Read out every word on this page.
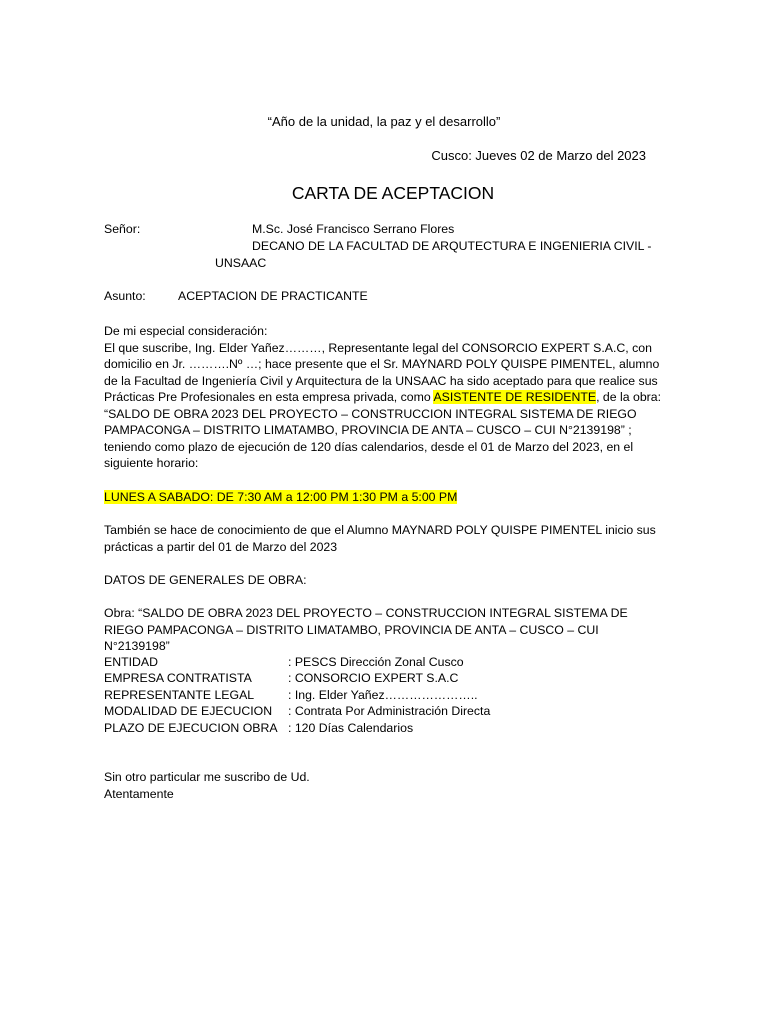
“Año de la unidad, la paz y el desarrollo”
Cusco: Jueves 02 de Marzo del 2023
CARTA DE ACEPTACION
Señor:	M.Sc. José Francisco Serrano Flores
DECANO DE LA FACULTAD DE ARQUTECTURA E INGENIERIA CIVIL -
UNSAAC
Asunto:	ACEPTACION DE PRACTICANTE

De mi especial consideración:

El que suscribe, Ing. Elder Yañez………, Representante legal del CONSORCIO EXPERT S.A.C, con domicilio en Jr. ……….Nº …; hace presente que el Sr. MAYNARD POLY QUISPE PIMENTEL, alumno de la Facultad de Ingeniería Civil y Arquitectura de la UNSAAC ha sido aceptado para que realice sus Prácticas Pre Profesionales en esta empresa privada, como ASISTENTE DE RESIDENTE, de la obra: “SALDO DE OBRA 2023 DEL PROYECTO – CONSTRUCCION INTEGRAL SISTEMA DE RIEGO PAMPACONGA – DISTRITO LIMATAMBO, PROVINCIA DE ANTA – CUSCO – CUI N°2139198” ; teniendo como plazo de ejecución de 120 días calendarios, desde el 01 de Marzo del 2023, en el siguiente horario:

LUNES A SABADO: DE 7:30 AM a 12:00 PM 1:30 PM a 5:00 PM
También se hace de conocimiento de que el Alumno MAYNARD POLY QUISPE PIMENTEL inicio sus prácticas a partir del 01 de Marzo del 2023
DATOS DE GENERALES DE OBRA:
Obra: “SALDO DE OBRA 2023 DEL PROYECTO – CONSTRUCCION INTEGRAL SISTEMA DE RIEGO PAMPACONGA – DISTRITO LIMATAMBO, PROVINCIA DE ANTA – CUSCO – CUI N°2139198”
ENTIDAD	: PESCS Dirección Zonal Cusco
EMPRESA CONTRATISTA	: CONSORCIO EXPERT S.A.C
REPRESENTANTE LEGAL	: Ing. Elder Yañez…………………..
MODALIDAD DE EJECUCION : Contrata Por Administración Directa
PLAZO DE EJECUCION OBRA : 120 Días Calendarios
Sin otro particular me suscribo de Ud.
Atentamente
